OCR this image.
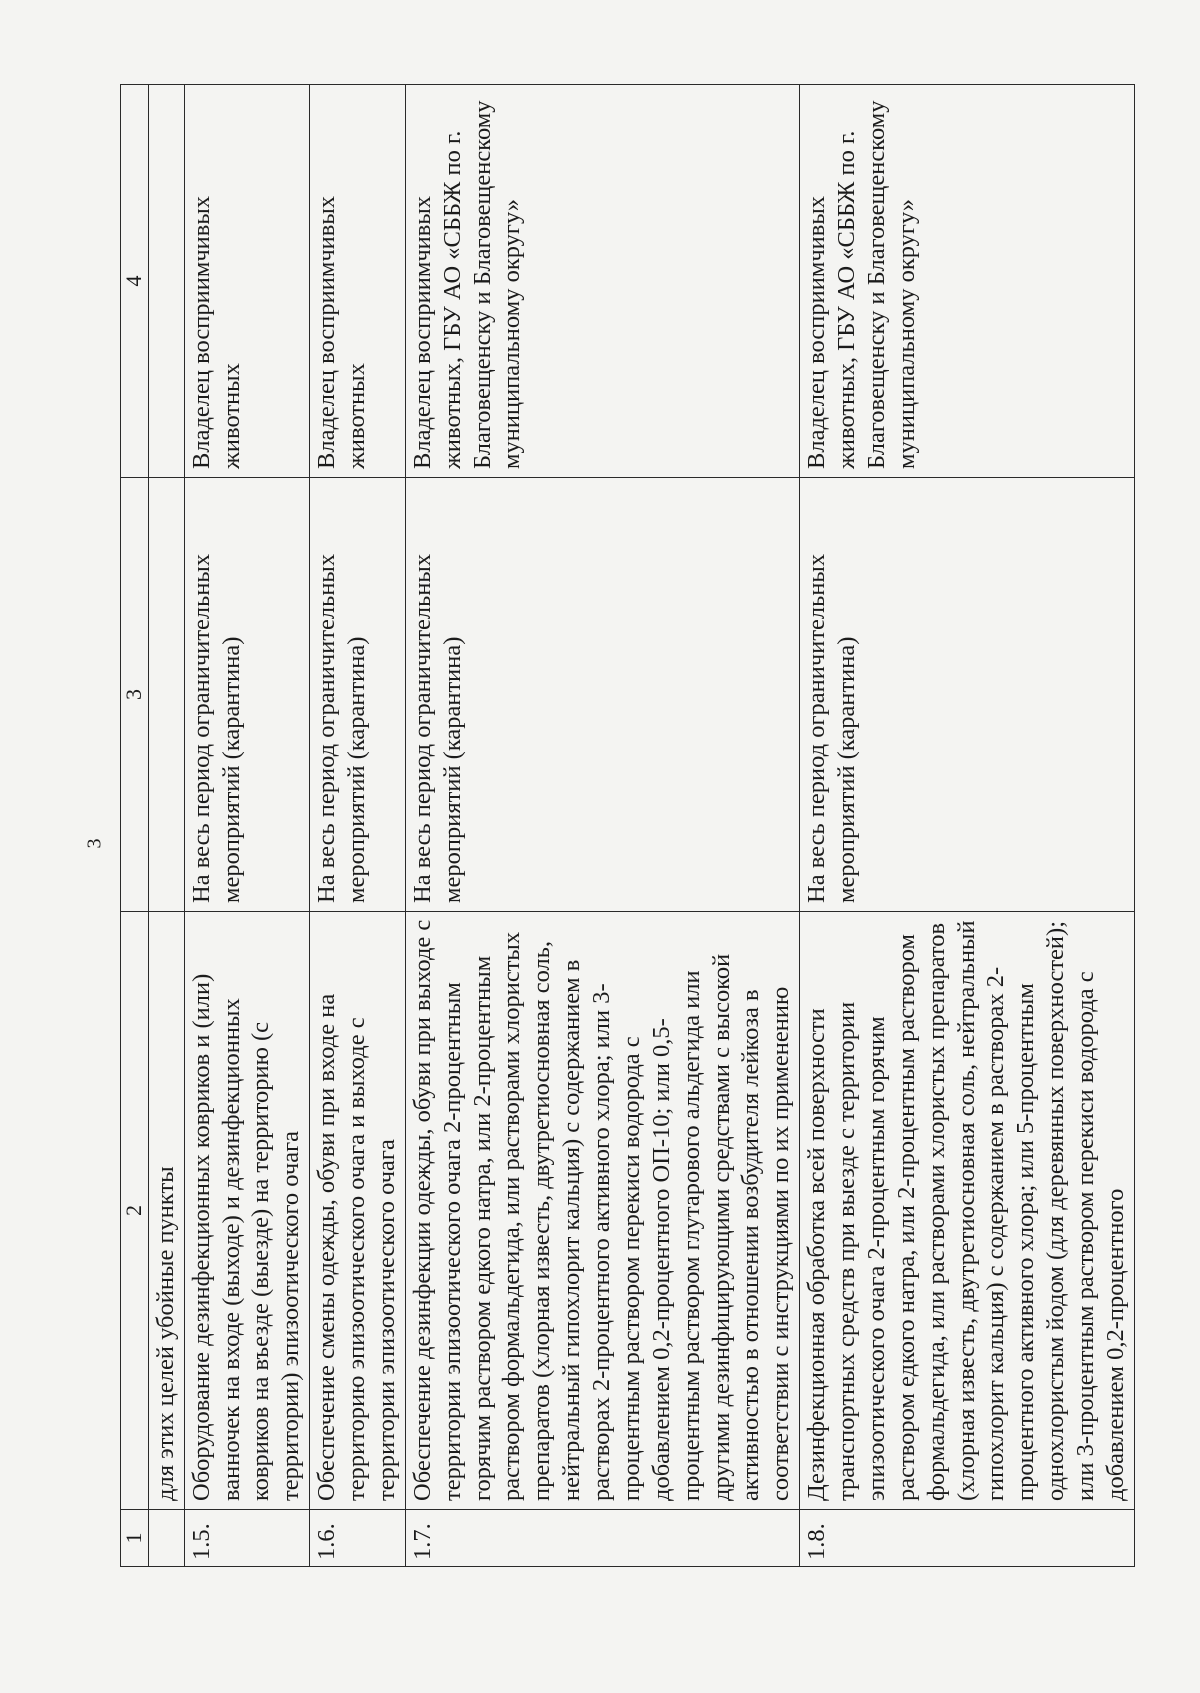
3
1	2	3	4
	для этих целей убойные пункты		
1.5.	Оборудование дезинфекционных ковриков и (или) ванночек на входе (выходе) и дезинфекционных ковриков на въезде (выезде) на территорию (с территории) эпизоотического очага	На весь период ограничительных мероприятий (карантина)	Владелец восприимчивых животных
1.6.	Обеспечение смены одежды, обуви при входе на территорию эпизоотического очага и выходе с территории эпизоотического очага	На весь период ограничительных мероприятий (карантина)	Владелец восприимчивых животных
1.7.	Обеспечение дезинфекции одежды, обуви при выходе с территории эпизоотического очага 2-процентным горячим раствором едкого натра, или 2-процентным раствором формальдегида, или растворами хлористых препаратов (хлорная известь, двутретиосновная соль, нейтральный гипохлорит кальция) с содержанием в растворах 2-процентного активного хлора; или 3-процентным раствором перекиси водорода с добавлением 0,2-процентного ОП-10; или 0,5-процентным раствором глутарового альдегида или другими дезинфицирующими средствами с высокой активностью в отношении возбудителя лейкоза в соответствии с инструкциями по их применению	На весь период ограничительных мероприятий (карантина)	Владелец восприимчивых животных, ГБУ АО «СББЖ по г. Благовещенску и Благовещенскому муниципальному округу»
1.8.	Дезинфекционная обработка всей поверхности транспортных средств при выезде с территории эпизоотического очага 2-процентным горячим раствором едкого натра, или 2-процентным раствором формальдегида, или растворами хлористых препаратов (хлорная известь, двутретиосновная соль, нейтральный гипохлорит кальция) с содержанием в растворах 2-процентного активного хлора; или 5-процентным однохлористым йодом (для деревянных поверхностей); или 3-процентным раствором перекиси водорода с добавлением 0,2-процентного	На весь период ограничительных мероприятий (карантина)	Владелец восприимчивых животных, ГБУ АО «СББЖ по г. Благовещенску и Благовещенскому муниципальному округу»
